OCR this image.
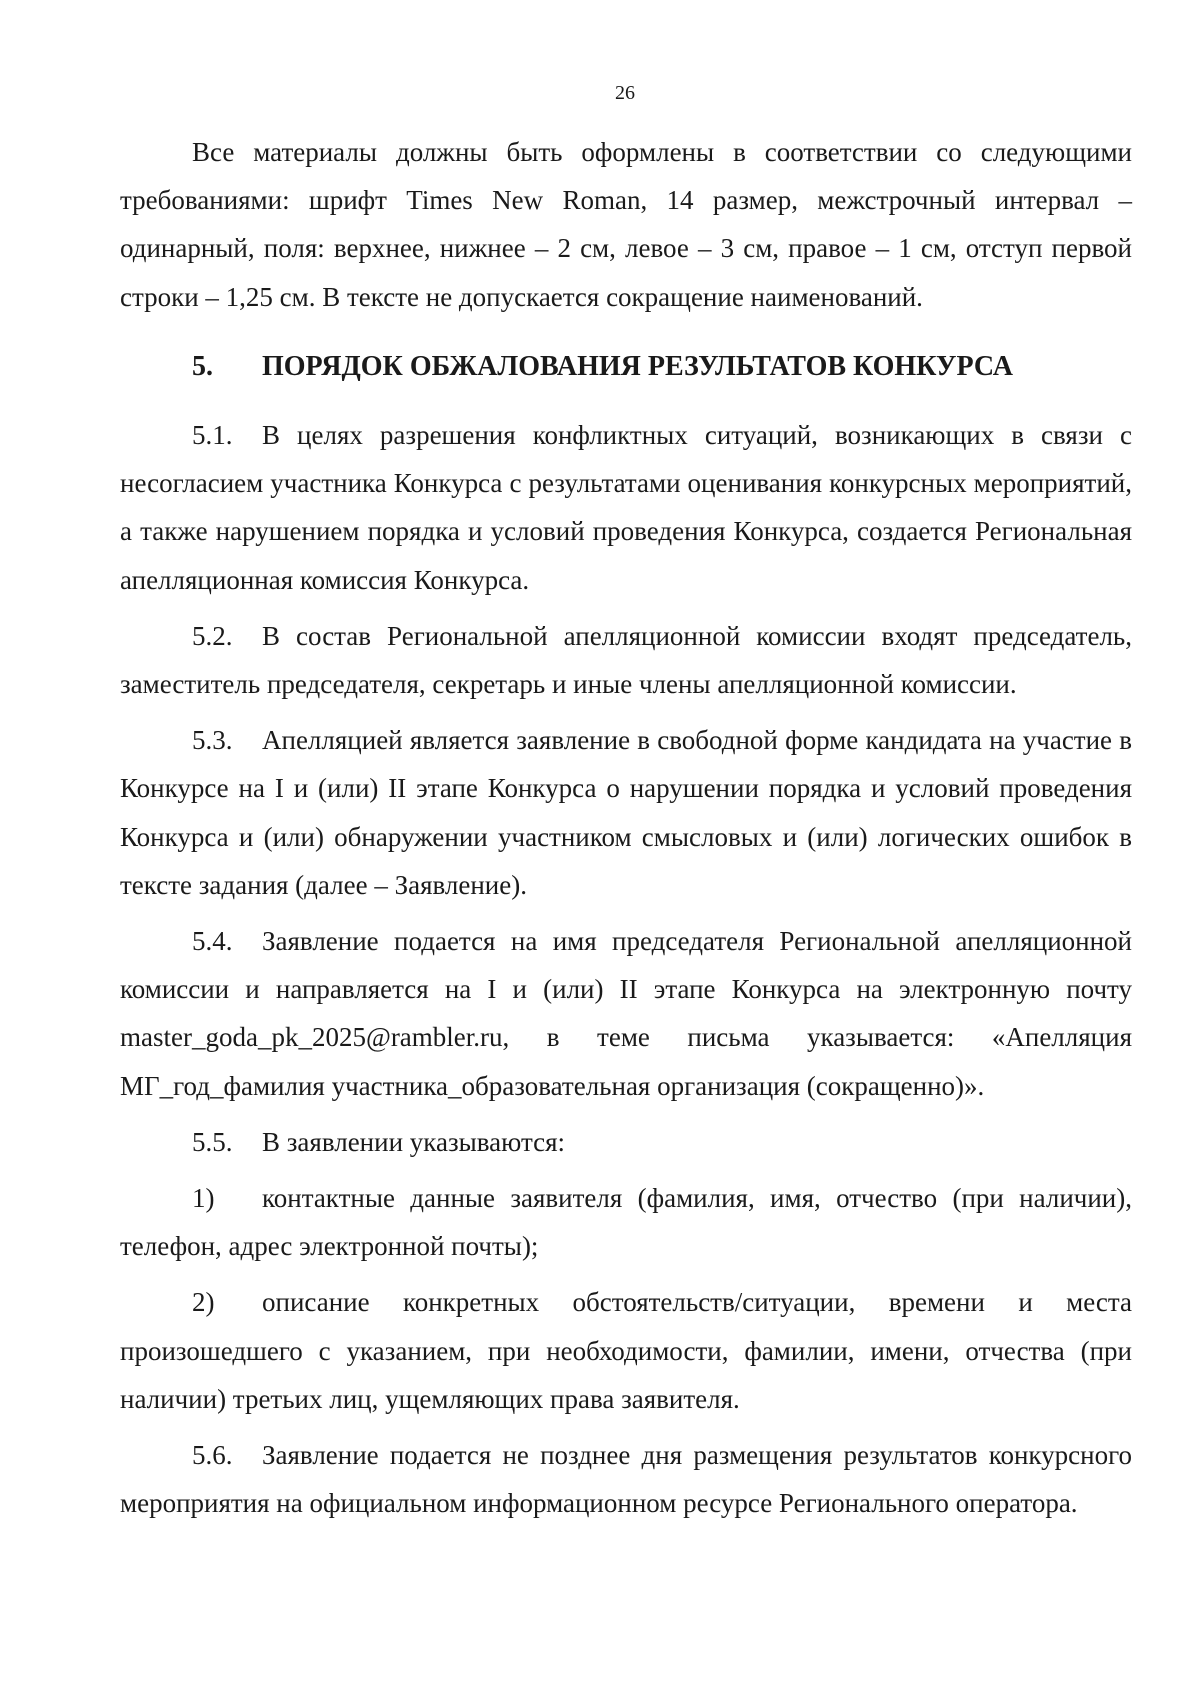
26

Все материалы должны быть оформлены в соответствии со следующими требованиями: шрифт Times New Roman, 14 размер, межстрочный интервал – одинарный, поля: верхнее, нижнее – 2 см, левое – 3 см, правое – 1 см, отступ первой строки – 1,25 см. В тексте не допускается сокращение наименований.

5. ПОРЯДОК ОБЖАЛОВАНИЯ РЕЗУЛЬТАТОВ КОНКУРСА

5.1. В целях разрешения конфликтных ситуаций, возникающих в связи с несогласием участника Конкурса с результатами оценивания конкурсных мероприятий, а также нарушением порядка и условий проведения Конкурса, создается Региональная апелляционная комиссия Конкурса.

5.2. В состав Региональной апелляционной комиссии входят председатель, заместитель председателя, секретарь и иные члены апелляционной комиссии.

5.3. Апелляцией является заявление в свободной форме кандидата на участие в Конкурсе на I и (или) II этапе Конкурса о нарушении порядка и условий проведения Конкурса и (или) обнаружении участником смысловых и (или) логических ошибок в тексте задания (далее – Заявление).

5.4. Заявление подается на имя председателя Региональной апелляционной комиссии и направляется на I и (или) II этапе Конкурса на электронную почту master_goda_pk_2025@rambler.ru, в теме письма указывается: «Апелляция МГ_год_фамилия участника_образовательная организация (сокращенно)».

5.5. В заявлении указываются:

1) контактные данные заявителя (фамилия, имя, отчество (при наличии), телефон, адрес электронной почты);

2) описание конкретных обстоятельств/ситуации, времени и места произошедшего с указанием, при необходимости, фамилии, имени, отчества (при наличии) третьих лиц, ущемляющих права заявителя.

5.6. Заявление подается не позднее дня размещения результатов конкурсного мероприятия на официальном информационном ресурсе Регионального оператора.
